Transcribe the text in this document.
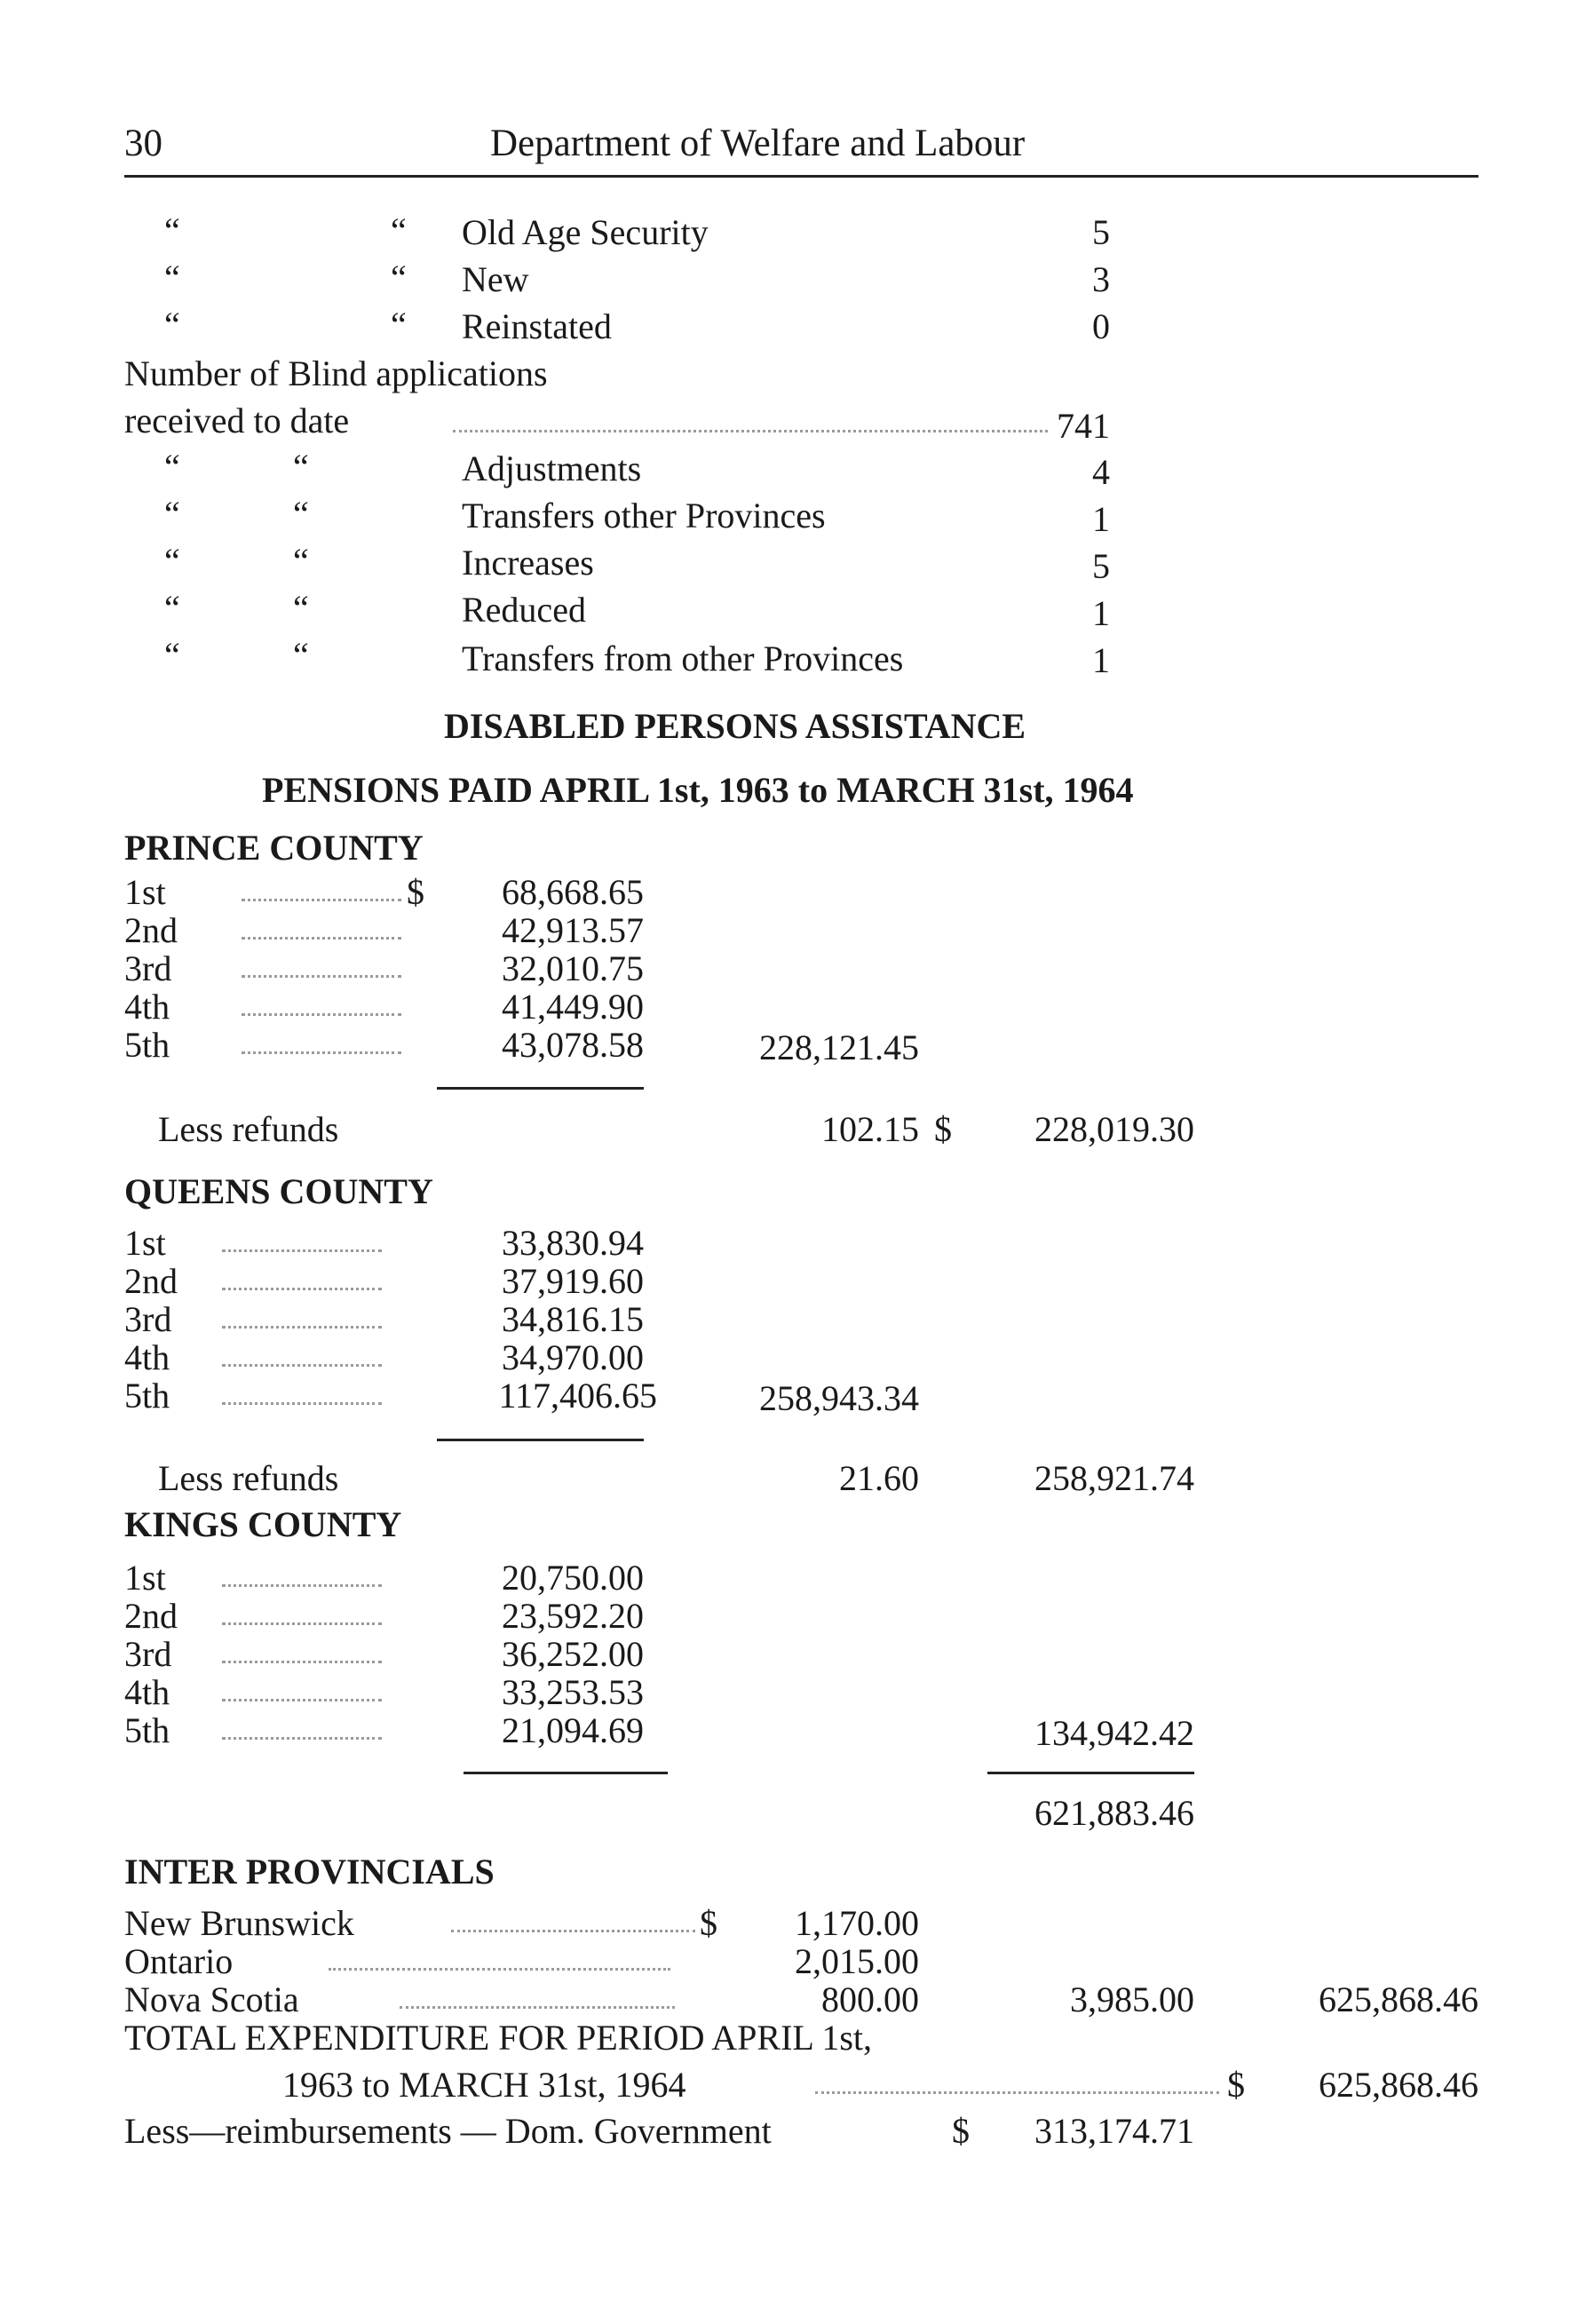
30	Department of Welfare and Labour
“	“ Old Age Security	5
“	“ New	3
“	“ Reinstated	0
Number of Blind applications
received to date	741
“	“	Adjustments	4
“	“	Transfers other Provinces	1
“	“	Increases	5
“	“	Reduced	1
“	“	Transfers from other Provinces	1
DISABLED PERSONS ASSISTANCE
PENSIONS PAID APRIL 1st, 1963 to MARCH 31st, 1964
PRINCE COUNTY
1st	$	68,668.65
2nd	42,913.57
3rd	32,010.75
4th	41,449.90
5th	43,078.58	228,121.45
Less refunds	102.15 $	228,019.30
QUEENS COUNTY
1st	33,830.94
2nd	37,919.60
3rd	34,816.15
4th	34,970.00
5th	117,406.65	258,943.34
Less refunds	21.60	258,921.74
KINGS COUNTY
1st	20,750.00
2nd	23,592.20
3rd	36,252.00
4th	33,253.53
5th	21,094.69	134,942.42
621,883.46
INTER PROVINCIALS
New Brunswick	$	1,170.00
Ontario	2,015.00
Nova Scotia	800.00	3,985.00	625,868.46
TOTAL EXPENDITURE FOR PERIOD APRIL 1st,
1963 to MARCH 31st, 1964	$	625,868.46
Less—reimbursements — Dom. Government	$	313,174.71
